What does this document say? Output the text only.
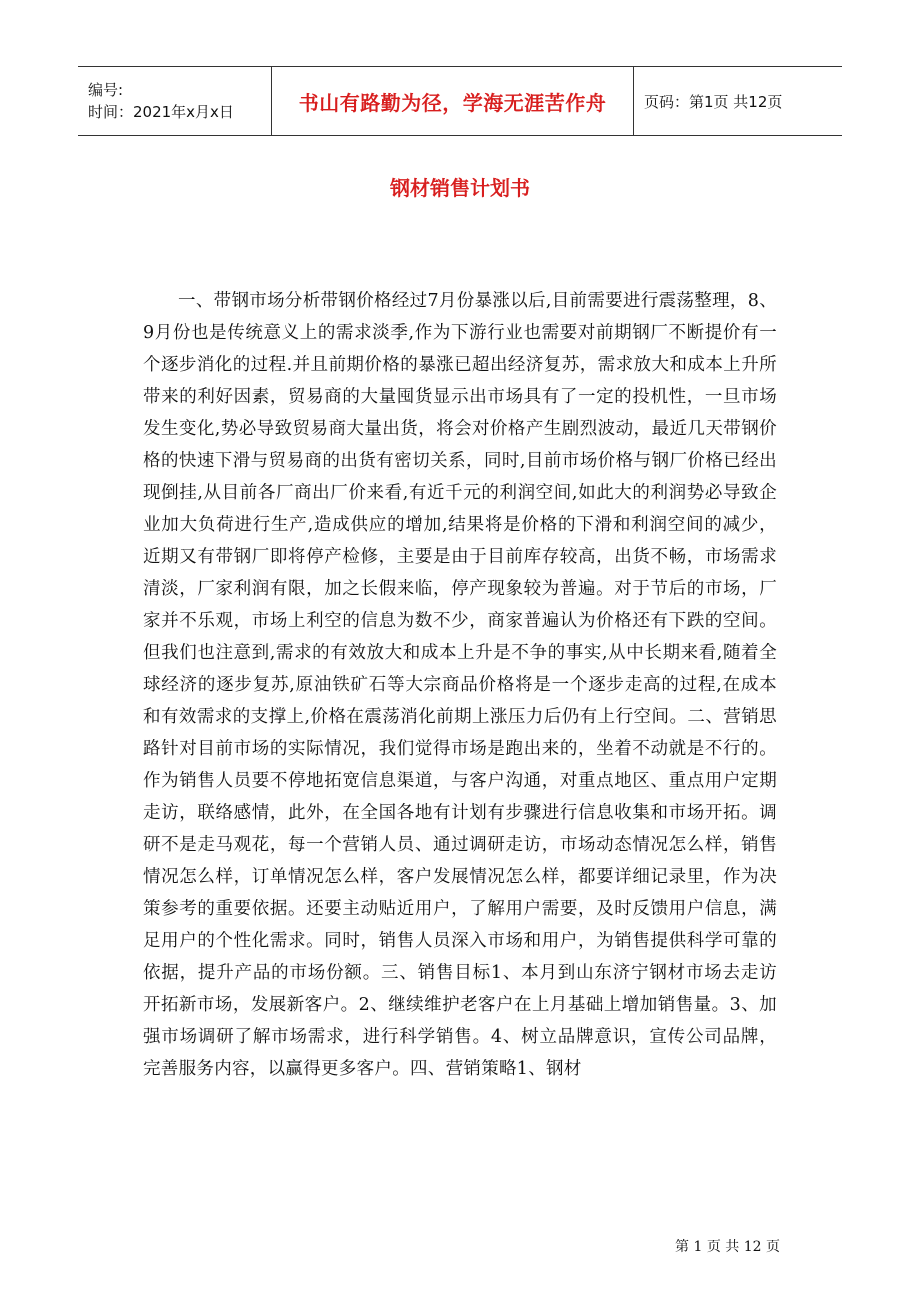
编号:
时间：2021年x月x日	书山有路勤为径，学海无涯苦作舟	页码：第1页 共12页
钢材销售计划书

一、带钢市场分析带钢价格经过7月份暴涨以后,目前需要进行震荡整理，8、9月份也是传统意义上的需求淡季,作为下游行业也需要对前期钢厂不断提价有一个逐步消化的过程.并且前期价格的暴涨已超出经济复苏，需求放大和成本上升所带来的利好因素，贸易商的大量囤货显示出市场具有了一定的投机性，一旦市场发生变化,势必导致贸易商大量出货，将会对价格产生剧烈波动，最近几天带钢价格的快速下滑与贸易商的出货有密切关系，同时,目前市场价格与钢厂价格已经出现倒挂,从目前各厂商出厂价来看,有近千元的利润空间,如此大的利润势必导致企业加大负荷进行生产,造成供应的增加,结果将是价格的下滑和利润空间的减少，近期又有带钢厂即将停产检修，主要是由于目前库存较高，出货不畅，市场需求清淡，厂家利润有限，加之长假来临，停产现象较为普遍。对于节后的市场，厂家并不乐观，市场上利空的信息为数不少，商家普遍认为价格还有下跌的空间。但我们也注意到,需求的有效放大和成本上升是不争的事实,从中长期来看,随着全球经济的逐步复苏,原油铁矿石等大宗商品价格将是一个逐步走高的过程,在成本和有效需求的支撑上,价格在震荡消化前期上涨压力后仍有上行空间。二、营销思路针对目前市场的实际情况，我们觉得市场是跑出来的，坐着不动就是不行的。作为销售人员要不停地拓宽信息渠道，与客户沟通，对重点地区、重点用户定期走访，联络感情，此外，在全国各地有计划有步骤进行信息收集和市场开拓。调研不是走马观花，每一个营销人员、通过调研走访，市场动态情况怎么样，销售情况怎么样，订单情况怎么样，客户发展情况怎么样，都要详细记录里，作为决策参考的重要依据。还要主动贴近用户，了解用户需要，及时反馈用户信息，满足用户的个性化需求。同时，销售人员深入市场和用户，为销售提供科学可靠的依据，提升产品的市场份额。三、销售目标1、本月到山东济宁钢材市场去走访开拓新市场，发展新客户。2、继续维护老客户在上月基础上增加销售量。3、加强市场调研了解市场需求，进行科学销售。4、树立品牌意识，宣传公司品牌，完善服务内容，以赢得更多客户。四、营销策略1、钢材

第 1 页 共 12 页
